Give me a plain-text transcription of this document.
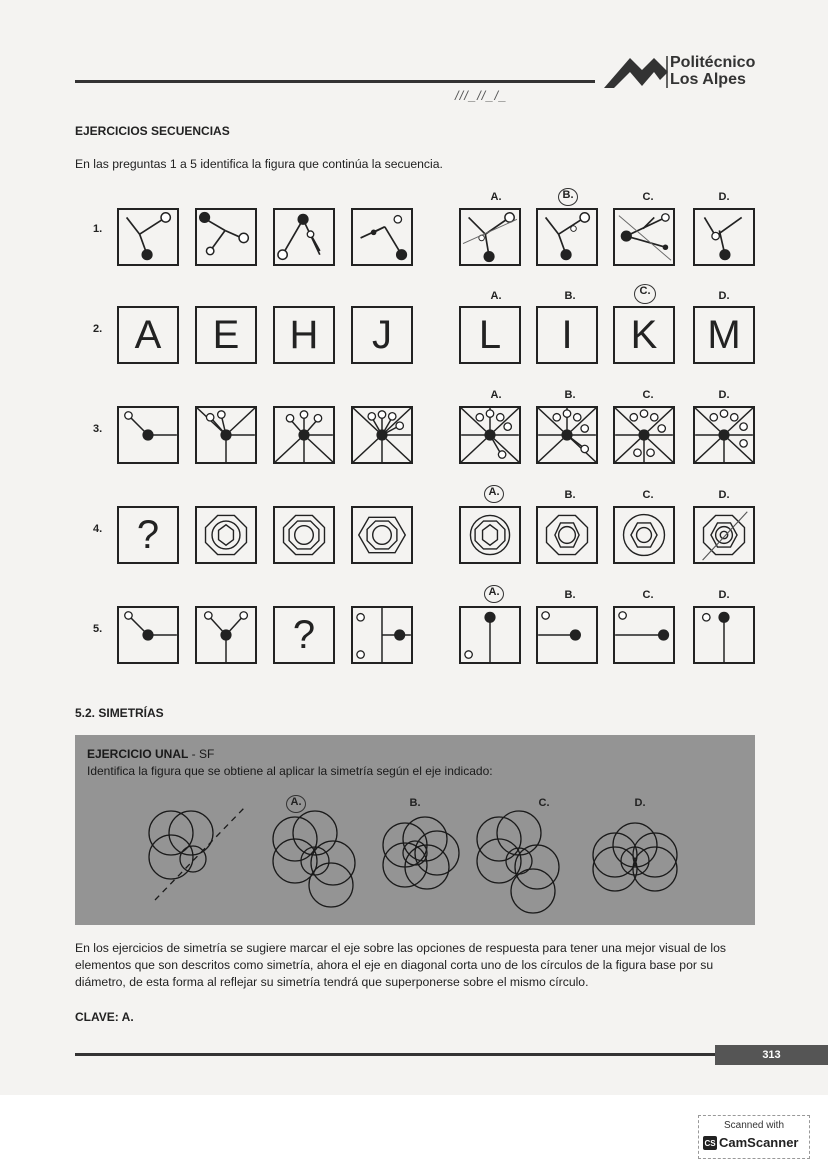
Politécnico
Los Alpes
///_//_/_
EJERCICIOS SECUENCIAS
En las preguntas 1 a 5 identifica la figura que continúa la secuencia.
A.	B.	C.	D.
1.
A.	B.	C.	D.
2. A	E	H	J	L	I	K	M
A.	B.	C.	D.
3.
A.	B.	C.	D.
4. ?
A.	B.	C.	D.
5.	?
5.2. SIMETRÍAS
EJERCICIO UNAL - SF
Identifica la figura que se obtiene al aplicar la simetría según el eje indicado:
A.	B.	C.	D.
En los ejercicios de simetría se sugiere marcar el eje sobre las opciones de respuesta para tener una mejor visual de los elementos que son descritos como simetría, ahora el eje en diagonal corta uno de los círculos de la figura base por su diámetro, de esta forma al reflejar su simetría tendrá que superponerse sobre el mismo círculo.
CLAVE: A.
313
Scanned with
CS CamScanner
